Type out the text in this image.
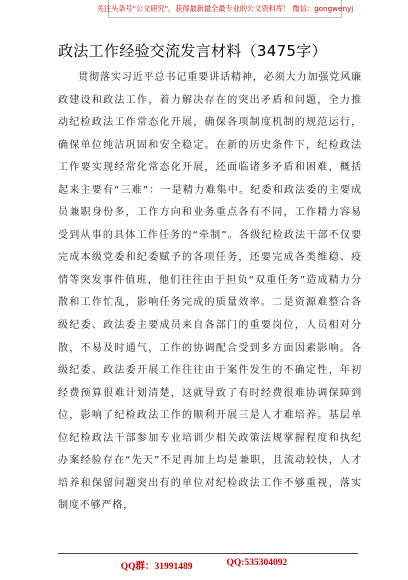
关注头条号"公文研究"，获得最新最全最专业的公文资料库！ 微信：gongwenyj
政法工作经验交流发言材料（3475字）

贯彻落实习近平总书记重要讲话精神，必须大力加强党风廉政建设和政法工作，着力解决存在的突出矛盾和问题，全力推动纪检政法工作常态化开展，确保各项制度机制的规范运行，确保单位纯洁巩固和安全稳定。在新的历史条件下，纪检政法工作要实现经常化常态化开展，还面临诸多矛盾和困难，概括起来主要有“三难”：一是精力难集中。纪委和政法委的主要成员兼职身份多，工作方向和业务重点各有不同，工作精力容易受到从事的具体工作任务的“牵制”。各级纪检政法干部不仅要完成本级党委和纪委赋予的各项任务，还要完成各类维稳、疫情等突发事件值班，他们往往由于担负“双重任务”造成精力分散和工作忙乱，影响任务完成的质量效率。二是资源难整合各级纪委、政法委主要成员来自各部门的重要岗位，人员相对分散，不易及时通气，工作的协调配合受到多方面因素影响。各级纪委、政法委开展工作往往由于案件发生的不确定性，年初经费预算很难计划清楚，这就导致了有时经费很难协调保障到位，影响了纪检政法工作的顺利开展三是人才难培养。基层单位纪检政法干部参加专业培训少相关政策法规掌握程度和执纪办案经验存在“先天”不足再加上均是兼职，且流动较快，人才培养和保留问题突出有的单位对纪检政法工作不够重视，落实制度不够严格，

QQ群：31991489	QQ:535304092
